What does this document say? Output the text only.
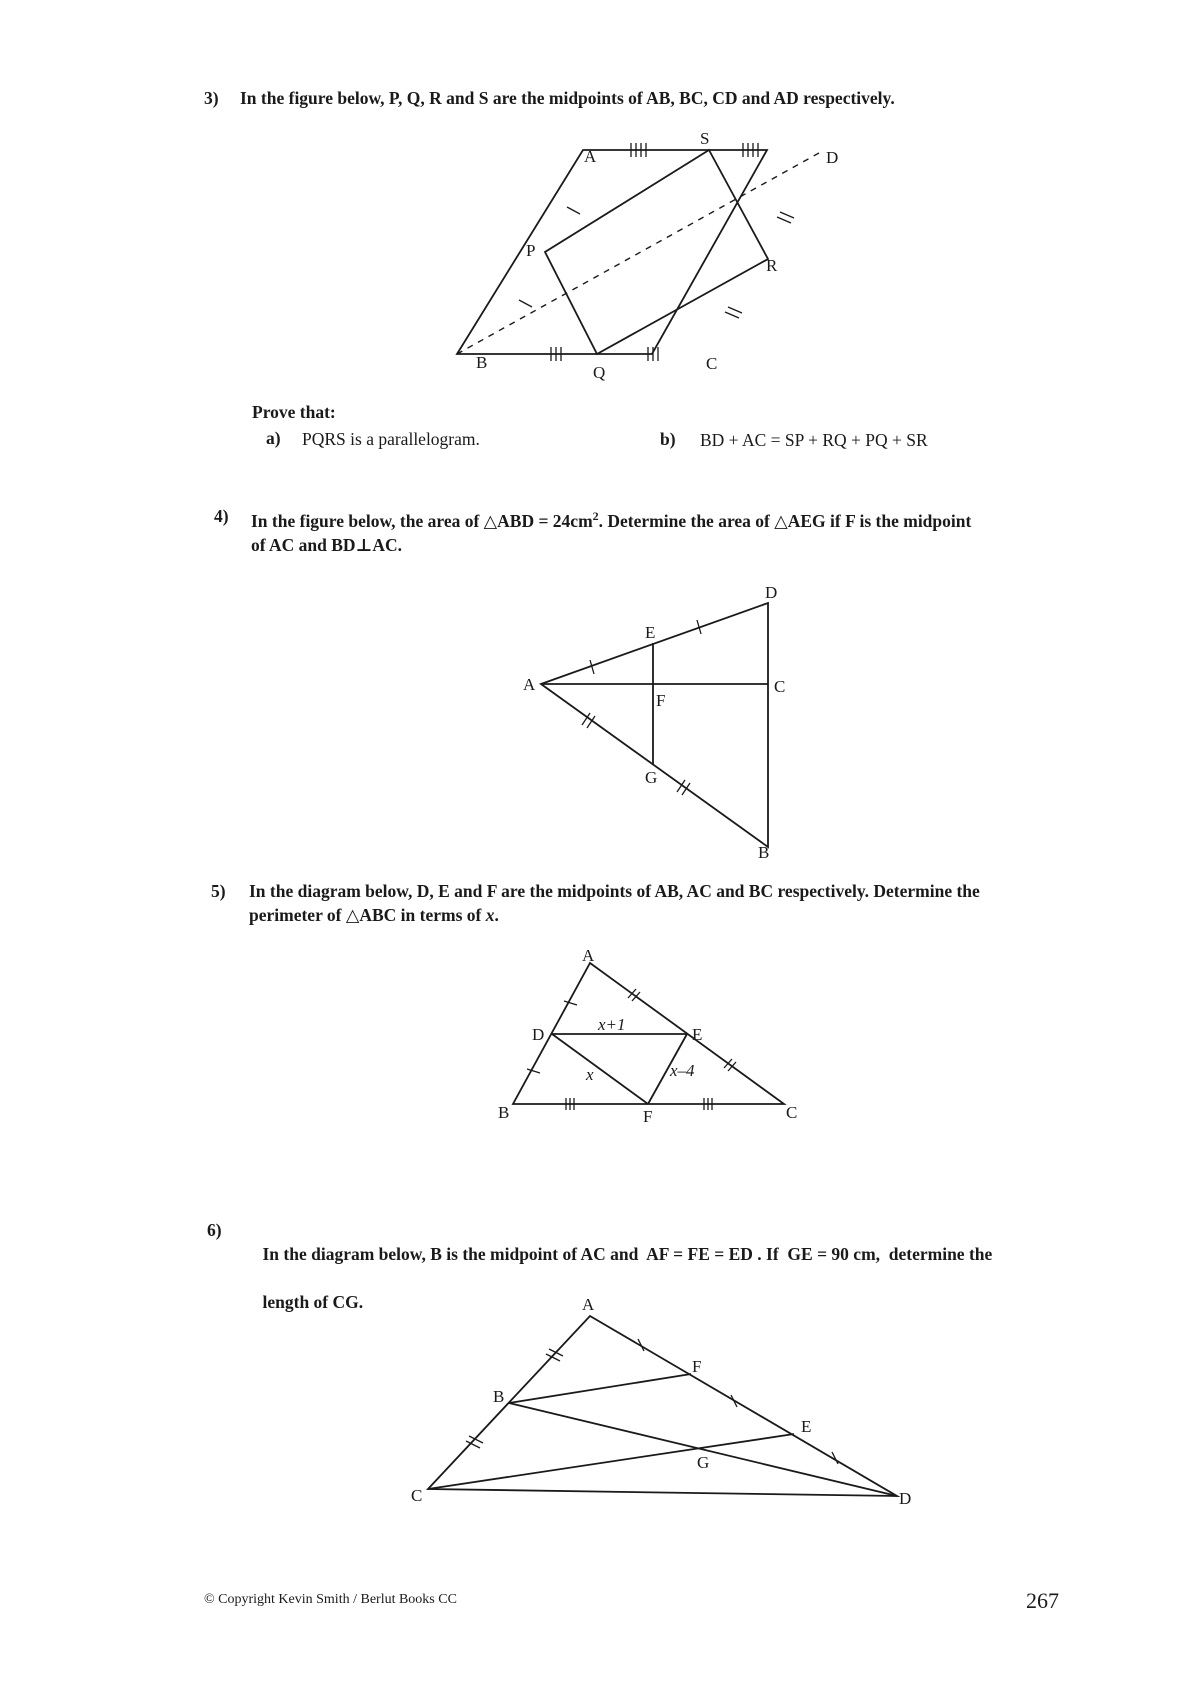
3) In the figure below, P, Q, R and S are the midpoints of AB, BC, CD and AD respectively.
A
S
D
P
R
B
Q	C
Prove that:
a) PQRS is a parallelogram.	b) BD + AC = SP + RQ + PQ + SR
4) In the figure below, the area of △ABD = $24cm^2$. Determine the area of △AEG if F is the midpoint
of AC and BD⊥AC.
D
E
A	C
F
G
B
5) In the diagram below, D, E and F are the midpoints of AB, AC and BC respectively. Determine the
perimeter of △ABC in terms of x.
A
D	E
B	F	C
x+1
x	x–4
6)

In the diagram below, B is the midpoint of AC and  AF = FE = ED . If  GE = 90 cm,  determine the

length of CG.
	A
F
B
E
G
C	D
© Copyright Kevin Smith / Berlut Books CC	267
